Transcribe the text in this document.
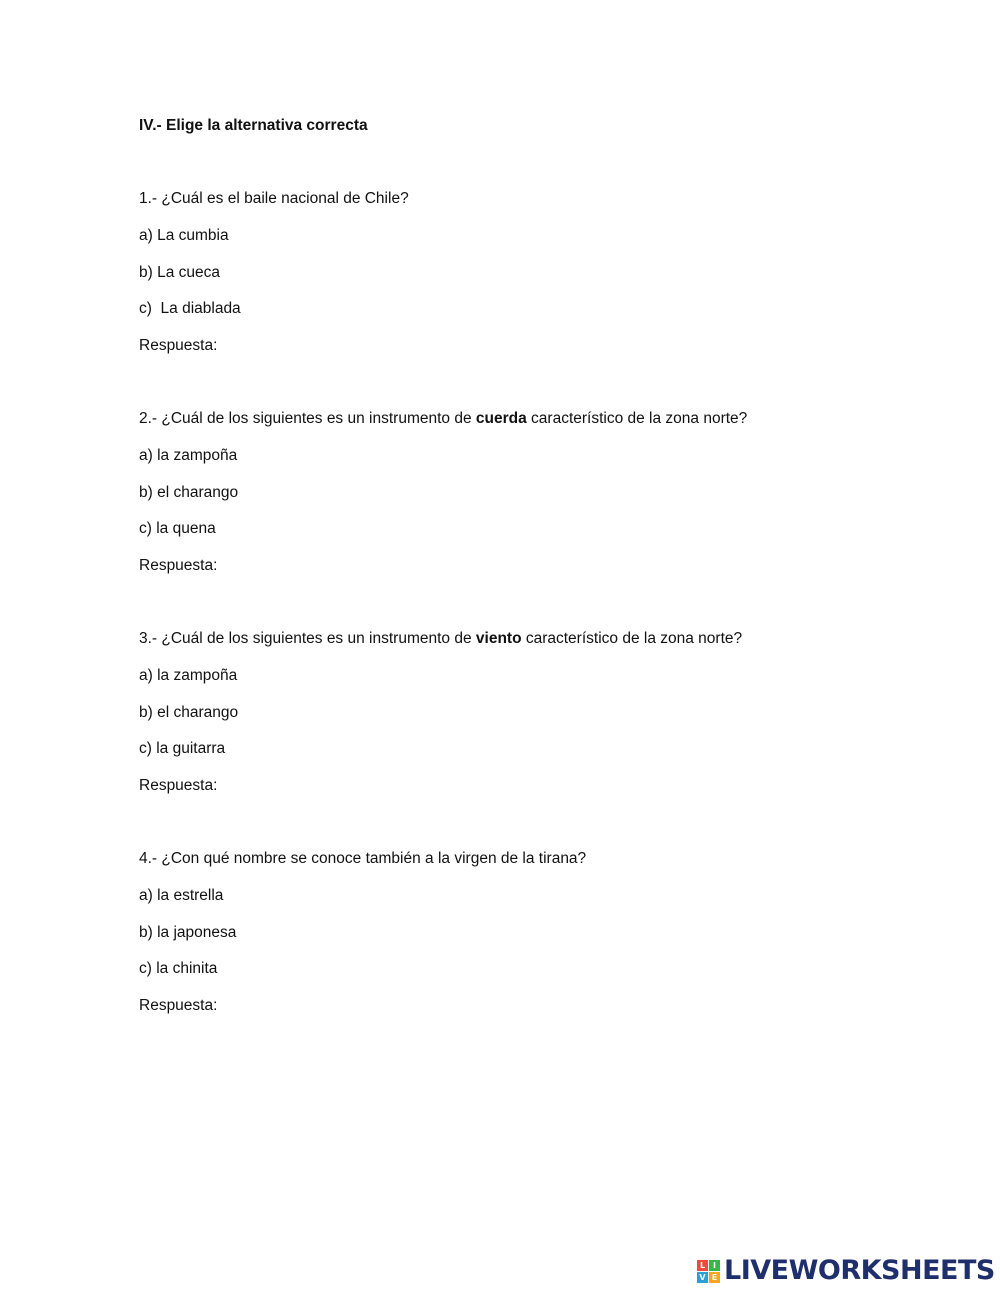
IV.- Elige la alternativa correcta
1.- ¿Cuál es el baile nacional de Chile?
a) La cumbia
b) La cueca
c)  La diablada
Respuesta:
2.- ¿Cuál de los siguientes es un instrumento de cuerda característico de la zona norte?
a) la zampoña
b) el charango
c) la quena
Respuesta:
3.- ¿Cuál de los siguientes es un instrumento de viento característico de la zona norte?
a) la zampoña
b) el charango
c) la guitarra
Respuesta:
4.- ¿Con qué nombre se conoce también a la virgen de la tirana?
a) la estrella
b) la japonesa
c) la chinita
Respuesta:
L I
V E LIVEWORKSHEETS
